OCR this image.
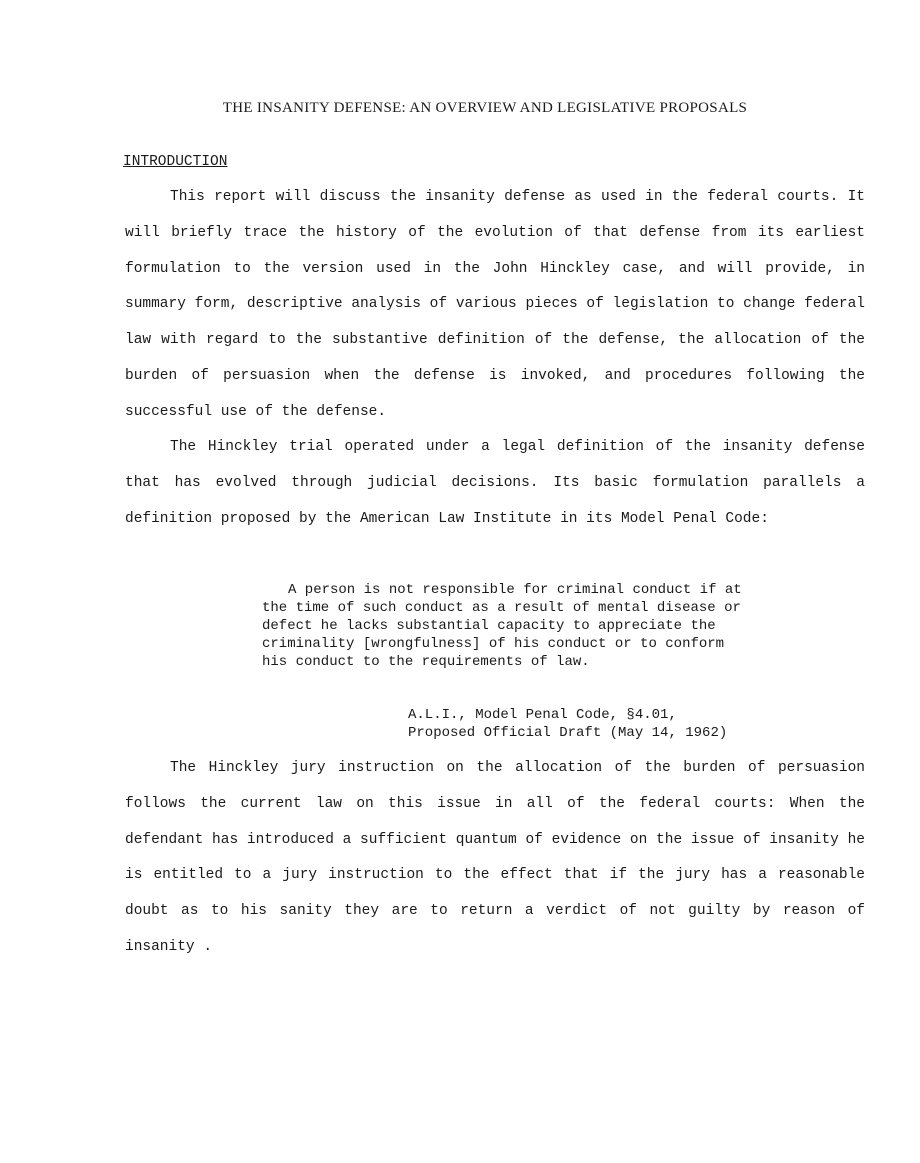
THE INSANITY DEFENSE: AN OVERVIEW AND LEGISLATIVE PROPOSALS
INTRODUCTION

This report will discuss the insanity defense as used in the federal courts. It will briefly trace the history of the evolution of that defense from its earliest formulation to the version used in the John Hinckley case, and will provide, in summary form, descriptive analysis of various pieces of legislation to change federal law with regard to the substantive definition of the defense, the allocation of the burden of persuasion when the defense is invoked, and procedures following the successful use of the defense.

The Hinckley trial operated under a legal definition of the insanity defense that has evolved through judicial decisions. Its basic formulation parallels a definition proposed by the American Law Institute in its Model Penal Code:

A person is not responsible for criminal conduct if at the time of such conduct as a result of mental disease or defect he lacks substantial capacity to appreciate the criminality [wrongfulness] of his conduct or to conform his conduct to the requirements of law.

A.L.I., Model Penal Code, §4.01,
Proposed Official Draft (May 14, 1962)

The Hinckley jury instruction on the allocation of the burden of persuasion follows the current law on this issue in all of the federal courts: When the defendant has introduced a sufficient quantum of evidence on the issue of insanity he is entitled to a jury instruction to the effect that if the jury has a reasonable doubt as to his sanity they are to return a verdict of not guilty by reason of insanity .
